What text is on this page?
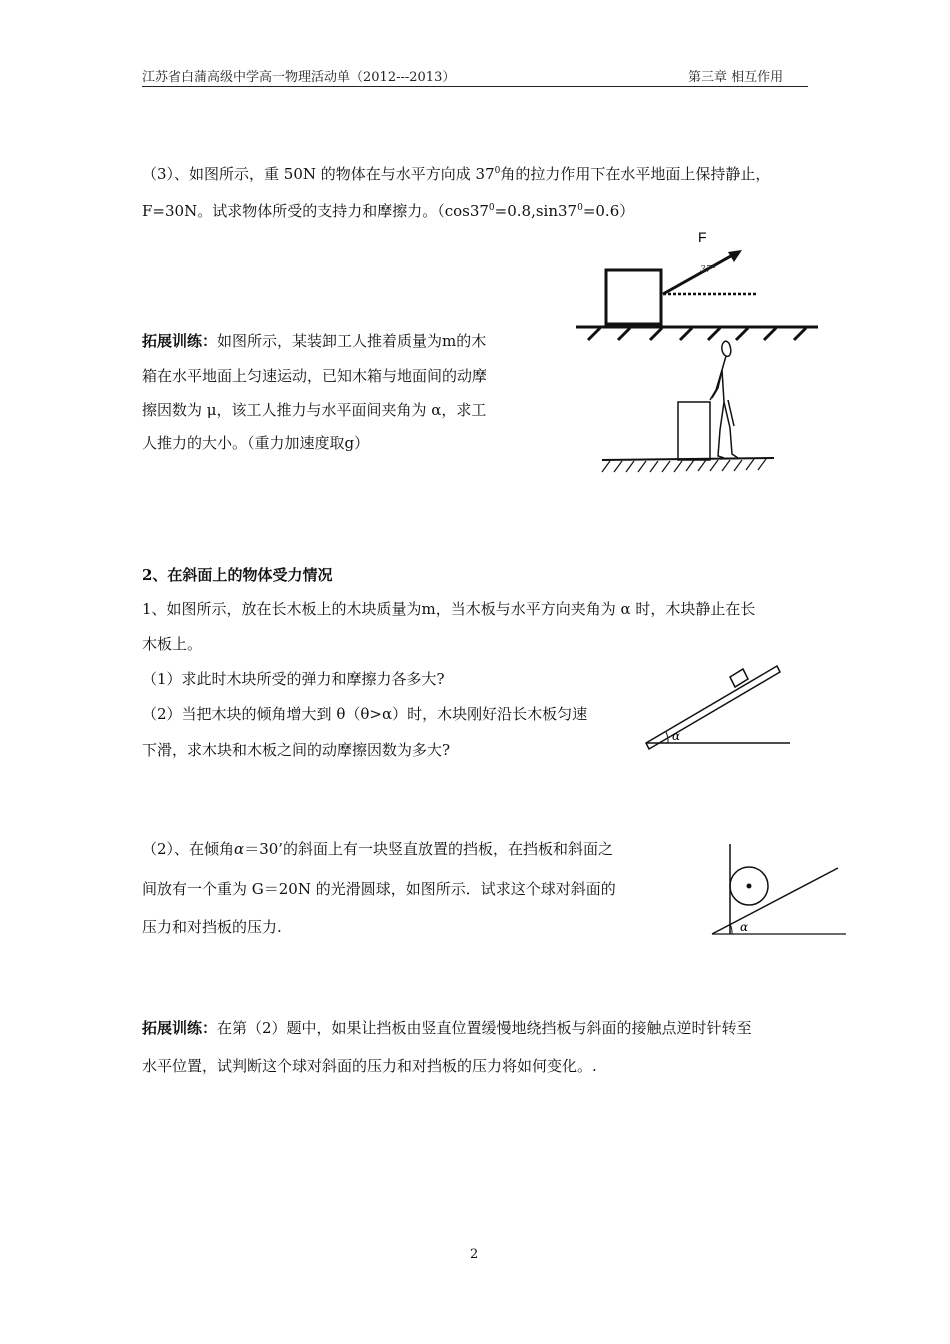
江苏省白蒲高级中学高一物理活动单（2012---2013）	第三章 相互作用
（3）、如图所示，重 50N 的物体在与水平方向成 $37^0$角的拉力作用下在水平地面上保持静止，
F=30N。试求物体所受的支持力和摩擦力。$(\cos 37^0=0.8,\sin 37^0=0.6)$
F
37°
拓展训练：如图所示，某装卸工人推着质量为m的木
箱在水平地面上匀速运动，已知木箱与地面间的动摩
擦因数为 μ，该工人推力与水平面间夹角为 α，求工
人推力的大小。（重力加速度取g）
2、在斜面上的物体受力情况
1、如图所示，放在长木板上的木块质量为m，当木板与水平方向夹角为 α 时，木块静止在长
木板上。
（1）求此时木块所受的弹力和摩擦力各多大?
（2）当把木块的倾角增大到 θ（θ>α）时，木块刚好沿长木板匀速
下滑，求木块和木板之间的动摩擦因数为多大?
α
（2）、在倾角α＝30’的斜面上有一块竖直放置的挡板，在挡板和斜面之
间放有一个重为 G＝20N 的光滑圆球，如图所示．试求这个球对斜面的
压力和对挡板的压力.	α
拓展训练：在第（2）题中，如果让挡板由竖直位置缓慢地绕挡板与斜面的接触点逆时针转至
水平位置，试判断这个球对斜面的压力和对挡板的压力将如何变化。.
2
